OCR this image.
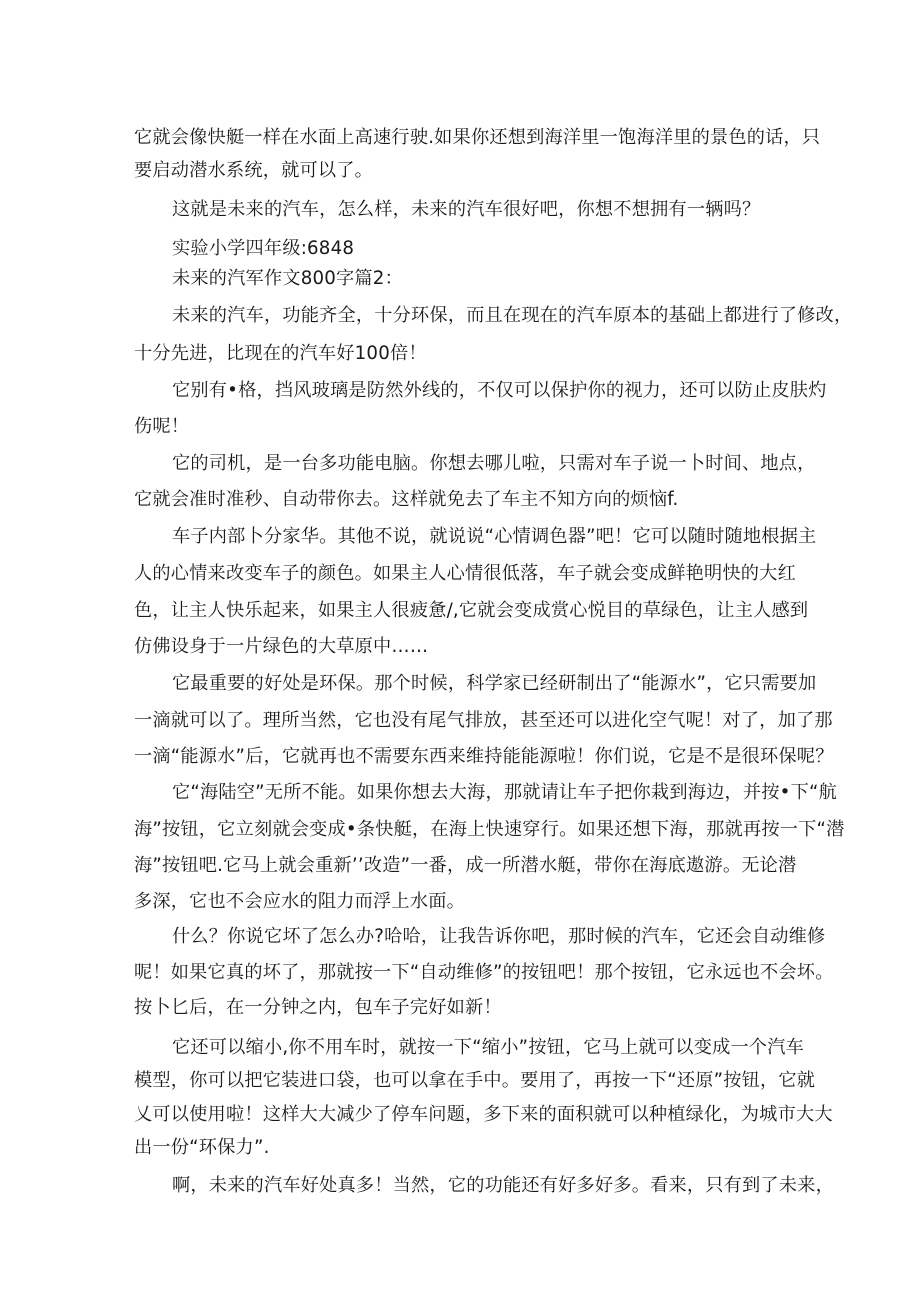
它就会像快艇一样在水面上高速行驶.如果你还想到海洋里一饱海洋里的景色的话，只
要启动潜水系统，就可以了。
这就是未来的汽车，怎么样，未来的汽车很好吧，你想不想拥有一辆吗？
实验小学四年级:6848
未来的汽军作文800字篇2：
未来的汽车，功能齐全，十分环保，而且在现在的汽车原本的基础上都进行了修改，
十分先进，比现在的汽车好100倍！
它别有•格，挡风玻璃是防然外线的，不仅可以保护你的视力，还可以防止皮肤灼
伤呢！
它的司机，是一台多功能电脑。你想去哪儿啦，只需对车子说一卜时间、地点，
它就会准时准秒、自动带你去。这样就免去了车主不知方向的烦恼f.
车子内部卜分家华。其他不说，就说说“心情调色器”吧！它可以随时随地根据主
人的心情来改变车子的颜色。如果主人心情很低落，车子就会变成鲜艳明快的大红
色，让主人快乐起来，如果主人很疲惫/,它就会变成赏心悦目的草绿色，让主人感到
仿佛设身于一片绿色的大草原中……
它最重要的好处是环保。那个时候，科学家已经研制出了“能源水”，它只需要加
一滴就可以了。理所当然，它也没有尾气排放，甚至还可以进化空气呢！对了，加了那
一滴“能源水”后，它就再也不需要东西来维持能能源啦！你们说，它是不是很环保呢？
它“海陆空”无所不能。如果你想去大海，那就请让车子把你栽到海边，并按•下“航
海”按钮，它立刻就会变成•条快艇，在海上快速穿行。如果还想下海，那就再按一下“潜
海”按钮吧.它马上就会重新’’改造”一番，成一所潜水艇，带你在海底遨游。无论潜
多深，它也不会应水的阻力而浮上水面。
什么？你说它坏了怎么办?哈哈，让我告诉你吧，那时候的汽车，它还会自动维修
呢！如果它真的坏了，那就按一下“自动维修”的按钮吧！那个按钮，它永远也不会坏。
按卜匕后，在一分钟之内，包车子完好如新！
它还可以缩小,你不用车时，就按一下“缩小”按钮，它马上就可以变成一个汽车
模型，你可以把它装进口袋，也可以拿在手中。要用了，再按一下“还原”按钮，它就
乂可以使用啦！这样大大减少了停车问题，多下来的面积就可以种植绿化，为城市大大
出一份“环保力”.
啊，未来的汽车好处真多！当然，它的功能还有好多好多。看来，只有到了未来，
